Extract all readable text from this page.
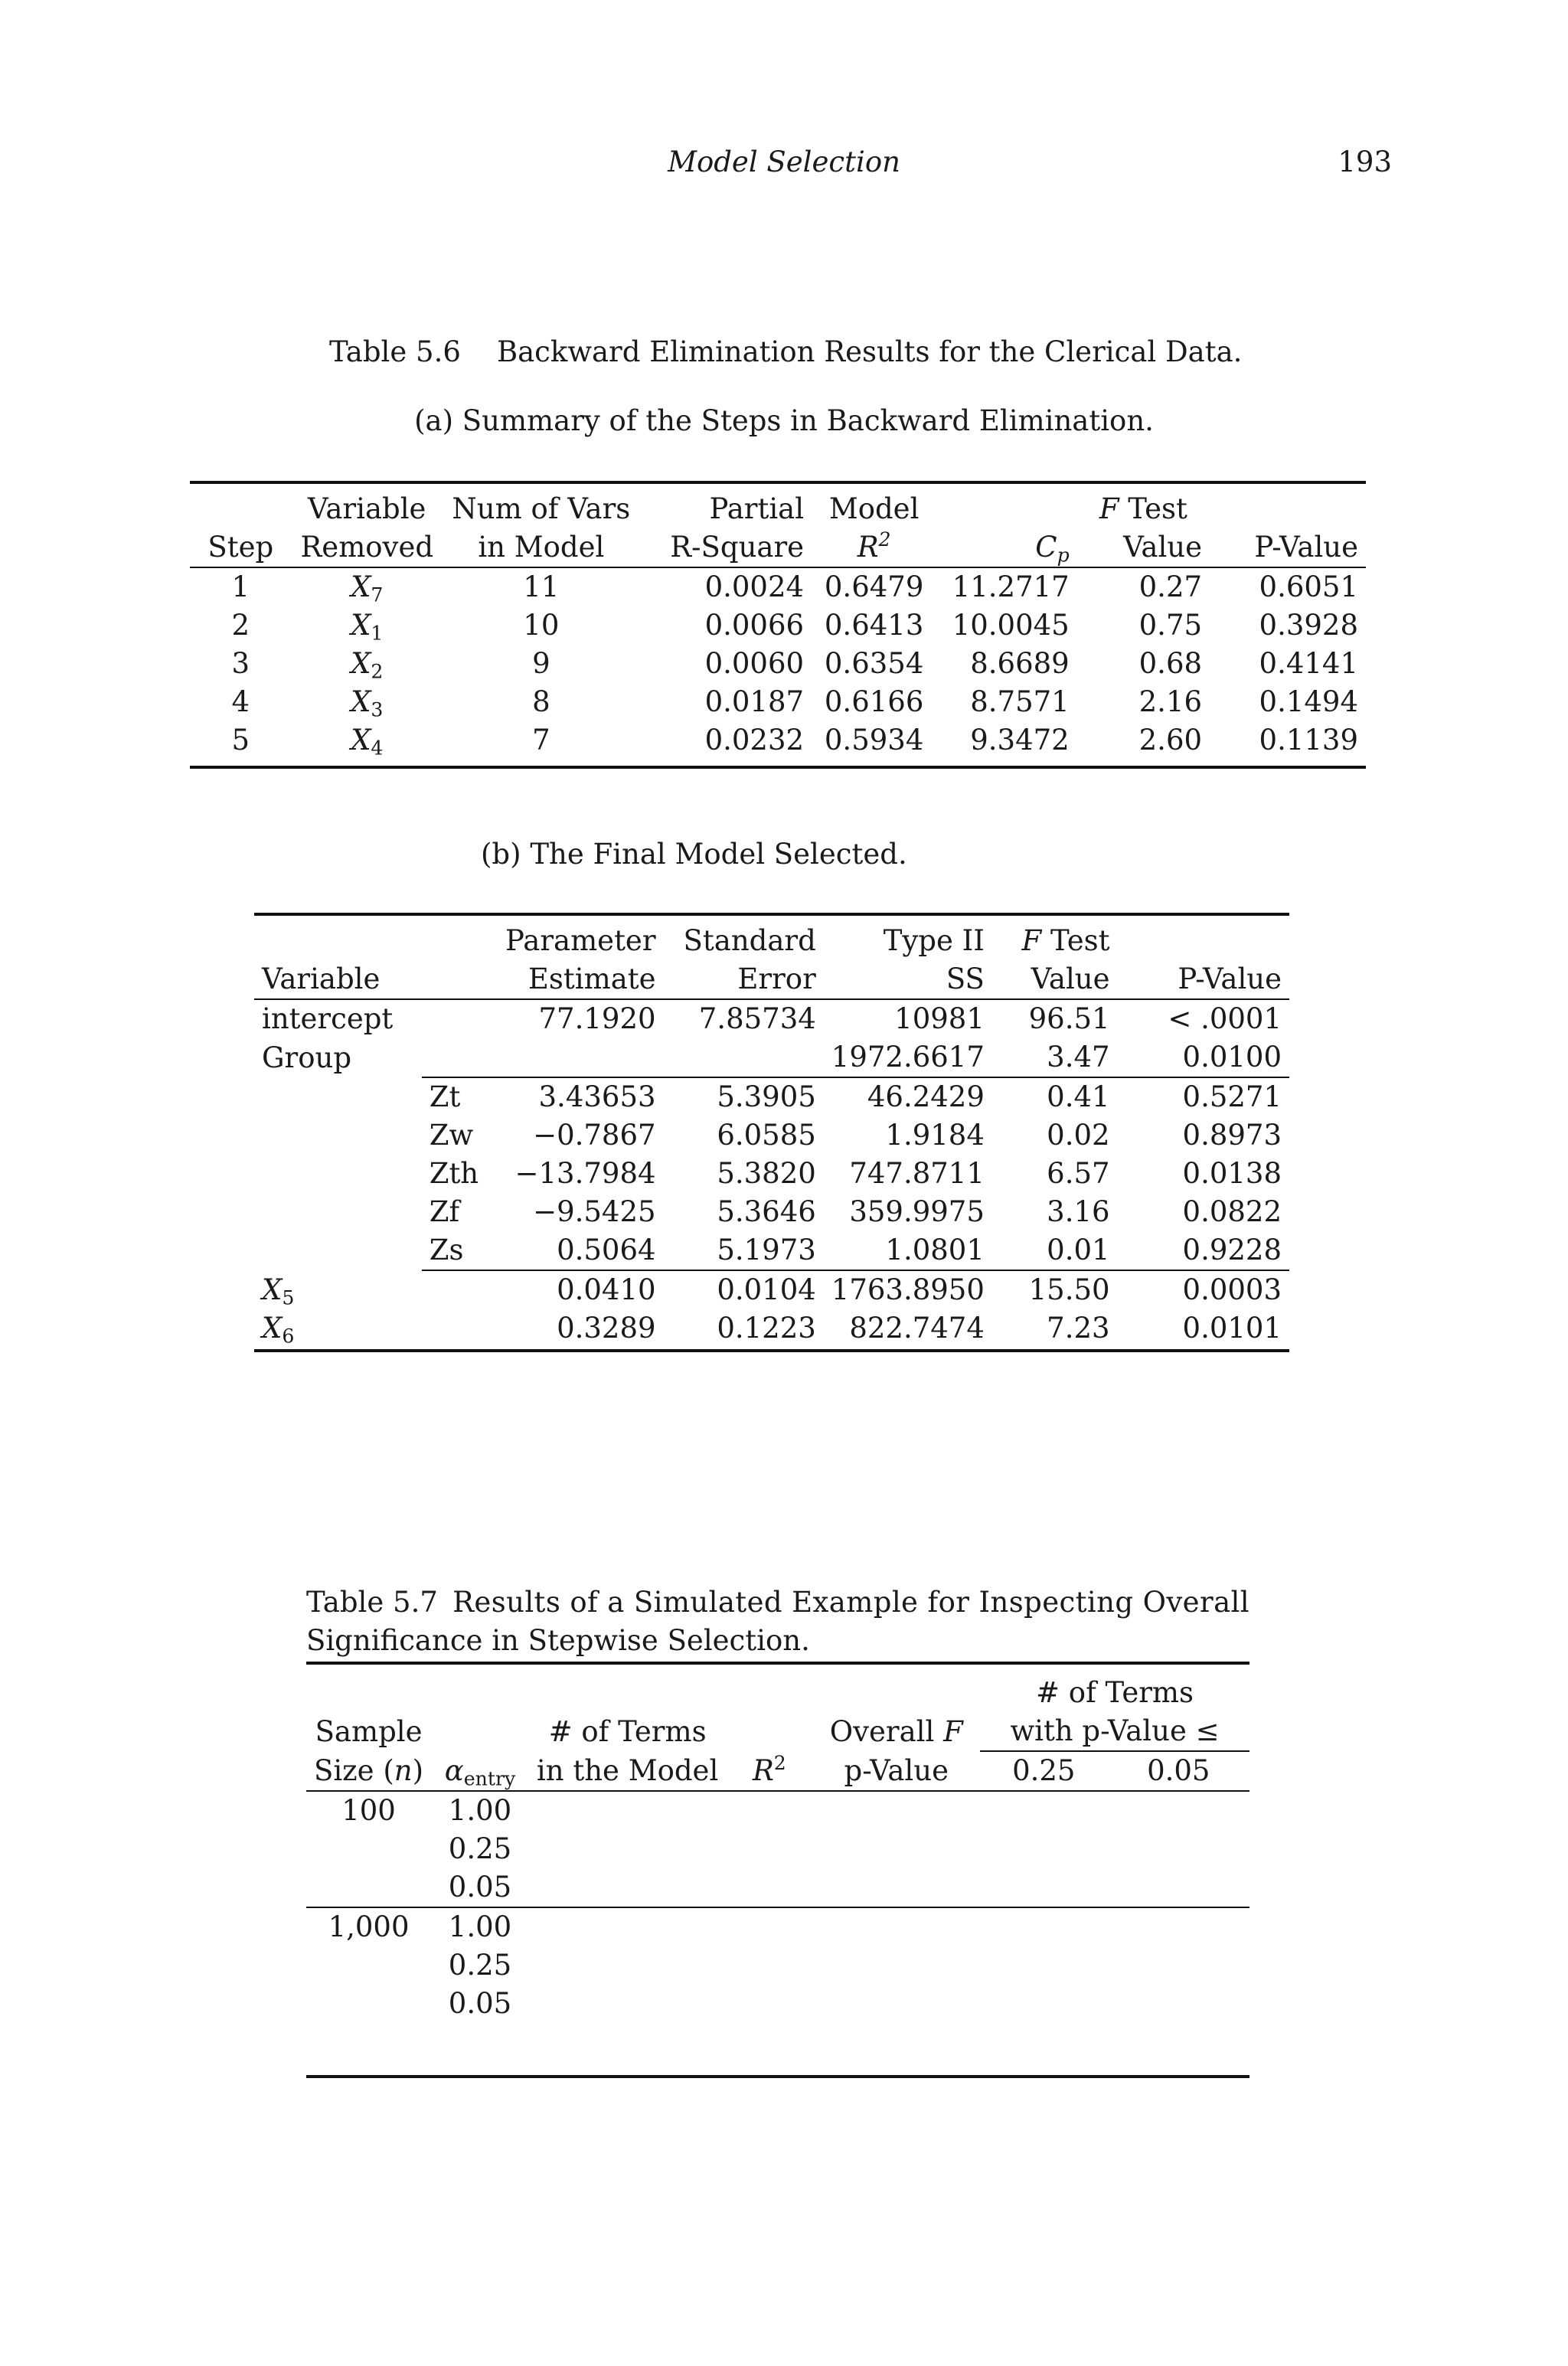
Model Selection	193
Table 5.6 Backward Elimination Results for the Clerical Data.
(a) Summary of the Steps in Backward Elimination.
	Variable	Num of Vars	Partial	Model		F Test	
Step	Removed	in Model	R-Square	$R^2$	$C_p$	Value	P-Value
1	$X_7$	11	0.0024	0.6479	11.2717	0.27	0.6051
2	$X_1$	10	0.0066	0.6413	10.0045	0.75	0.3928
3	$X_2$	9	0.0060	0.6354	8.6689	0.68	0.4141
4	$X_3$	8	0.0187	0.6166	8.7571	2.16	0.1494
5	$X_4$	7	0.0232	0.5934	9.3472	2.60	0.1139
(b) The Final Model Selected.
		Parameter	Standard	Type II	F Test	
Variable		Estimate	Error	SS	Value	P-Value
intercept		77.1920	7.85734	10981	96.51	< .0001
Group				1972.6617	3.47	0.0100
	Zt	3.43653	5.3905	46.2429	0.41	0.5271
	Zw	−0.7867	6.0585	1.9184	0.02	0.8973
	Zth	−13.7984	5.3820	747.8711	6.57	0.0138
	Zf	−9.5425	5.3646	359.9975	3.16	0.0822
	Zs	0.5064	5.1973	1.0801	0.01	0.9228
$X_5$		0.0410	0.0104	1763.8950	15.50	0.0003
$X_6$		0.3289	0.1223	822.7474	7.23	0.0101
Table 5.7 Results of a Simulated Example for Inspecting Overall
Significance in Stepwise Selection.
					# of Terms	
Sample		# of Terms		Overall F	with p-Value ≤	
Size (n)	$\alpha_{entry}$	in the Model	$R^2$	p-Value	0.25	0.05
100	1.00					
	0.25					
	0.05					
1,000	1.00					
	0.25					
	0.05					
